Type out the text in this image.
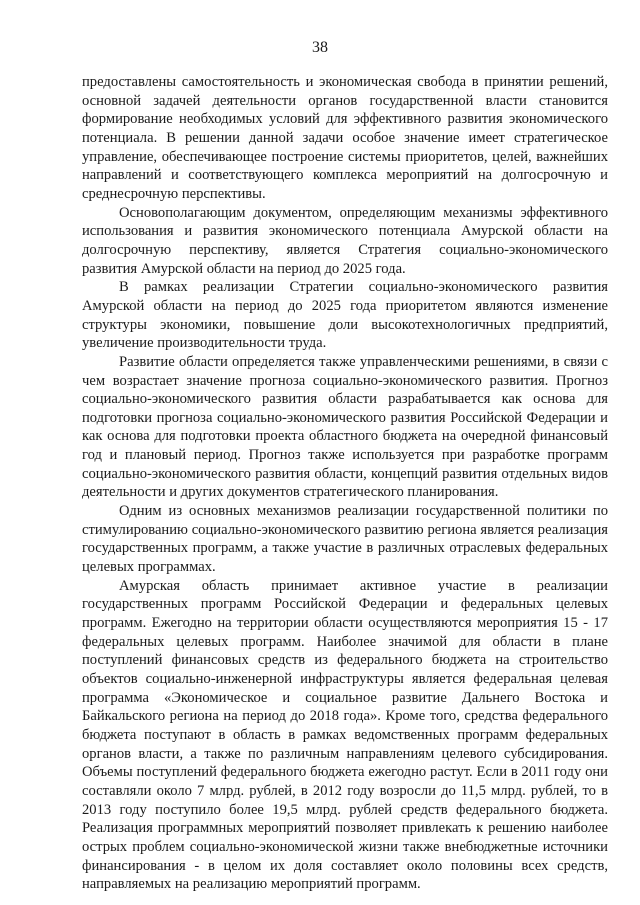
38

предоставлены самостоятельность и экономическая свобода в принятии решений, основной задачей деятельности органов государственной власти становится формирование необходимых условий для эффективного развития экономического потенциала. В решении данной задачи особое значение имеет стратегическое управление, обеспечивающее построение системы приоритетов, целей, важнейших направлений и соответствующего комплекса мероприятий на долгосрочную и среднесрочную перспективы.

Основополагающим документом, определяющим механизмы эффективного использования и развития экономического потенциала Амурской области на долгосрочную перспективу, является Стратегия социально-экономического развития Амурской области на период до 2025 года.

В рамках реализации Стратегии социально-экономического развития Амурской области на период до 2025 года приоритетом являются изменение структуры экономики, повышение доли высокотехнологичных предприятий, увеличение производительности труда.

Развитие области определяется также управленческими решениями, в связи с чем возрастает значение прогноза социально-экономического развития. Прогноз социально-экономического развития области разрабатывается как основа для подготовки прогноза социально-экономического развития Российской Федерации и как основа для подготовки проекта областного бюджета на очередной финансовый год и плановый период. Прогноз также используется при разработке программ социально-экономического развития области, концепций развития отдельных видов деятельности и других документов стратегического планирования.

Одним из основных механизмов реализации государственной политики по стимулированию социально-экономического развитию региона является реализация государственных программ, а также участие в различных отраслевых федеральных целевых программах.

Амурская область принимает активное участие в реализации государственных программ Российской Федерации и федеральных целевых программ. Ежегодно на территории области осуществляются мероприятия 15 - 17 федеральных целевых программ. Наиболее значимой для области в плане поступлений финансовых средств из федерального бюджета на строительство объектов социально-инженерной инфраструктуры является федеральная целевая программа «Экономическое и социальное развитие Дальнего Востока и Байкальского региона на период до 2018 года». Кроме того, средства федерального бюджета поступают в область в рамках ведомственных программ федеральных органов власти, а также по различным направлениям целевого субсидирования. Объемы поступлений федерального бюджета ежегодно растут. Если в 2011 году они составляли около 7 млрд. рублей, в 2012 году возросли до 11,5 млрд. рублей, то в 2013 году поступило более 19,5 млрд. рублей средств федерального бюджета. Реализация программных мероприятий позволяет привлекать к решению наиболее острых проблем социально-экономической жизни также внебюджетные источники финансирования - в целом их доля составляет около половины всех средств, направляемых на реализацию мероприятий программ.
